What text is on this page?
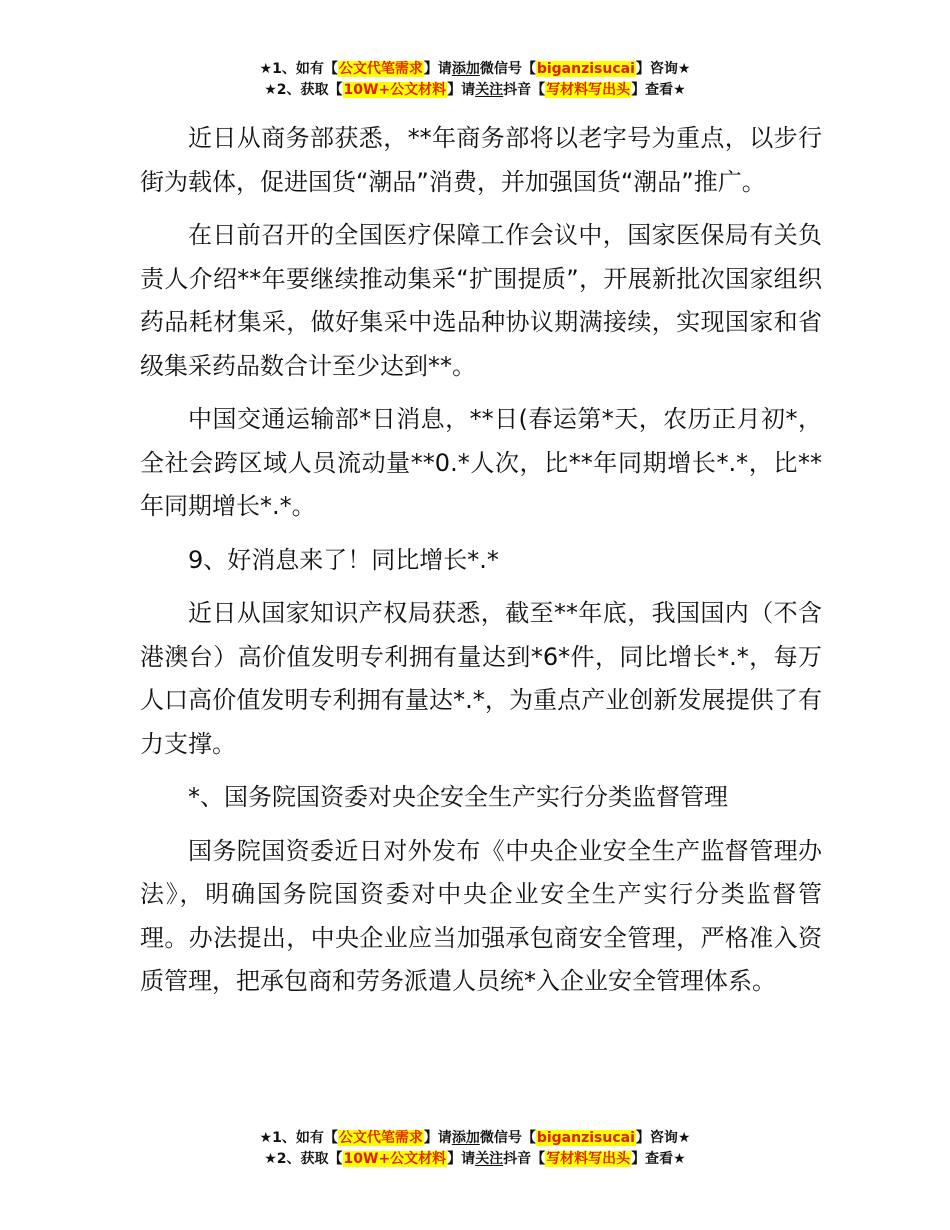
★1、如有【公文代笔需求】请添加微信号【biganzisucai】咨询★
★2、获取【10W+公文材料】请关注抖音【写材料写出头】查看★

近日从商务部获悉，**年商务部将以老字号为重点，以步行街为载体，促进国货“潮品”消费，并加强国货“潮品”推广。

在日前召开的全国医疗保障工作会议中，国家医保局有关负责人介绍**年要继续推动集采“扩围提质”，开展新批次国家组织药品耗材集采，做好集采中选品种协议期满接续，实现国家和省级集采药品数合计至少达到**。

中国交通运输部*日消息，**日(春运第*天，农历正月初*，全社会跨区域人员流动量**0.*人次，比**年同期增长*.*，比**年同期增长*.*。

9、好消息来了！同比增长*.*

近日从国家知识产权局获悉，截至**年底，我国国内（不含港澳台）高价值发明专利拥有量达到*6*件，同比增长*.*，每万人口高价值发明专利拥有量达*.*，为重点产业创新发展提供了有力支撑。

*、国务院国资委对央企安全生产实行分类监督管理

国务院国资委近日对外发布《中央企业安全生产监督管理办法》，明确国务院国资委对中央企业安全生产实行分类监督管理。办法提出，中央企业应当加强承包商安全管理，严格准入资质管理，把承包商和劳务派遣人员统*入企业安全管理体系。

★1、如有【公文代笔需求】请添加微信号【biganzisucai】咨询★
★2、获取【10W+公文材料】请关注抖音【写材料写出头】查看★
